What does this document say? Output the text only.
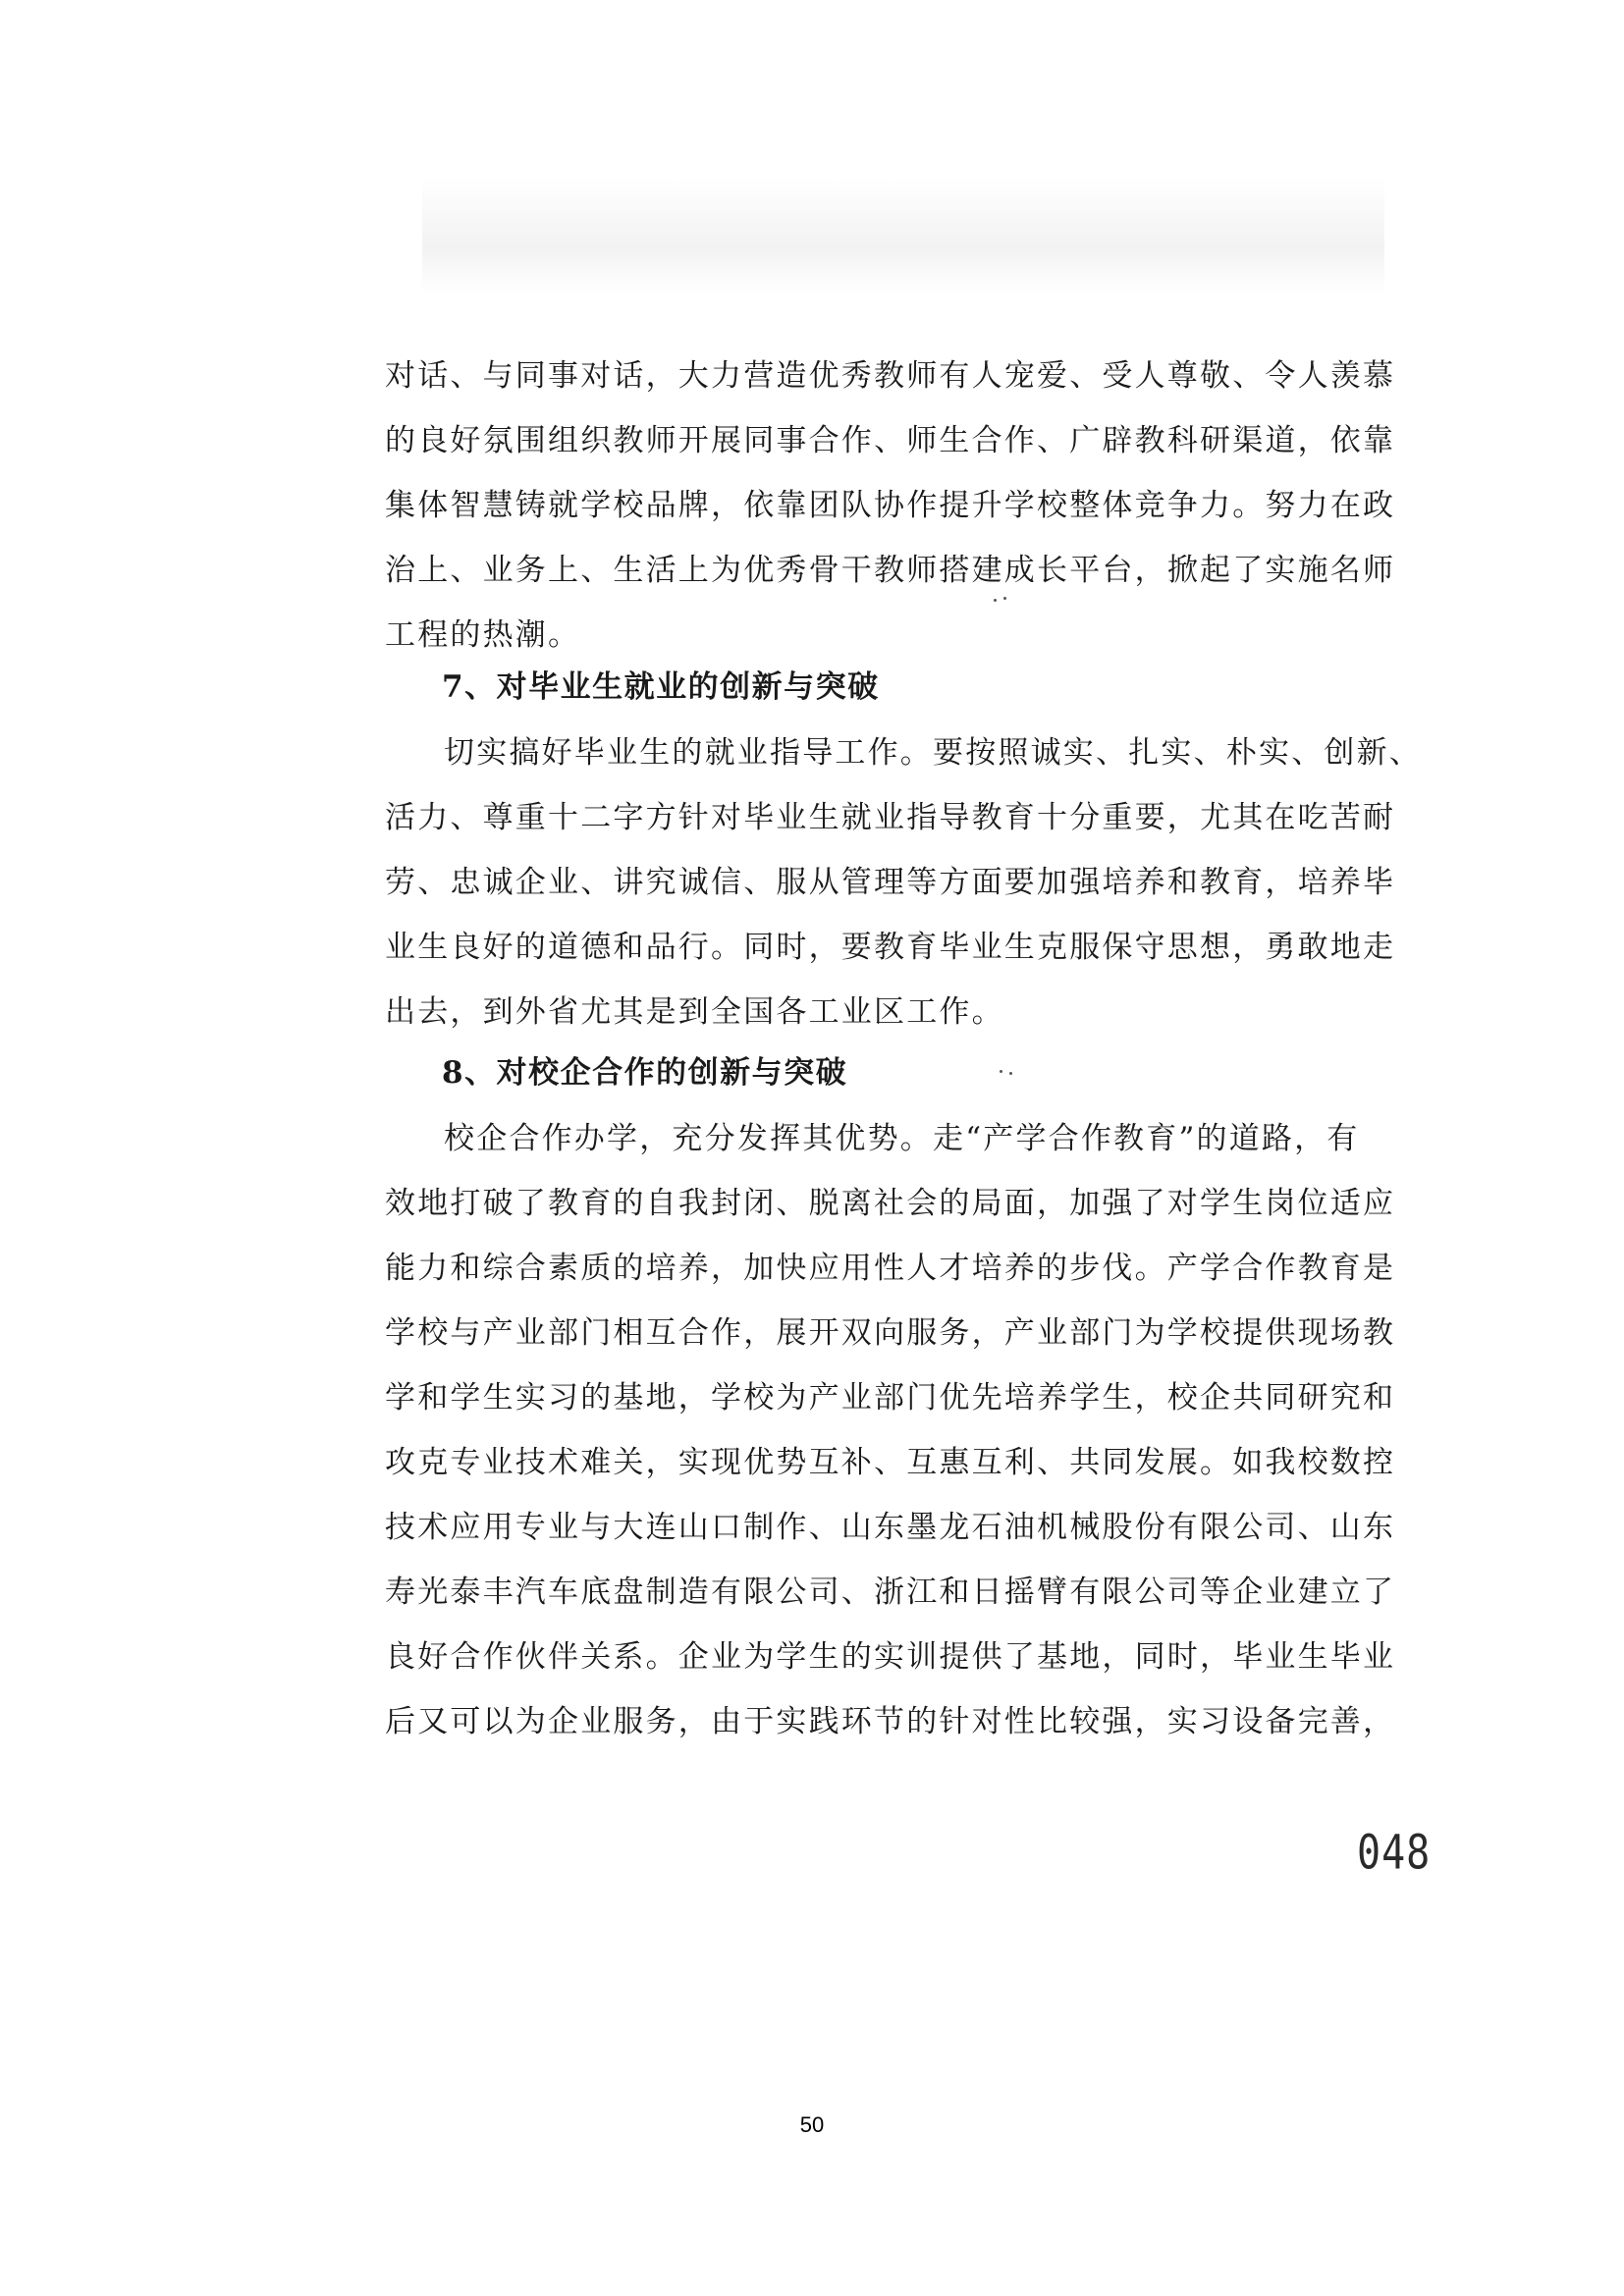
对话、与同事对话，大力营造优秀教师有人宠爱、受人尊敬、令人羡慕
的良好氛围组织教师开展同事合作、师生合作、广辟教科研渠道，依靠
集体智慧铸就学校品牌，依靠团队协作提升学校整体竞争力。努力在政
治上、业务上、生活上为优秀骨干教师搭建成长平台，掀起了实施名师
工程的热潮。
7、对毕业生就业的创新与突破
切实搞好毕业生的就业指导工作。要按照诚实、扎实、朴实、创新、
活力、尊重十二字方针对毕业生就业指导教育十分重要，尤其在吃苦耐
劳、忠诚企业、讲究诚信、服从管理等方面要加强培养和教育，培养毕
业生良好的道德和品行。同时，要教育毕业生克服保守思想，勇敢地走
出去，到外省尤其是到全国各工业区工作。
8、对校企合作的创新与突破
校企合作办学，充分发挥其优势。走“产学合作教育”的道路，有
效地打破了教育的自我封闭、脱离社会的局面，加强了对学生岗位适应
能力和综合素质的培养，加快应用性人才培养的步伐。产学合作教育是
学校与产业部门相互合作，展开双向服务，产业部门为学校提供现场教
学和学生实习的基地，学校为产业部门优先培养学生，校企共同研究和
攻克专业技术难关，实现优势互补、互惠互利、共同发展。如我校数控
技术应用专业与大连山口制作、山东墨龙石油机械股份有限公司、山东
寿光泰丰汽车底盘制造有限公司、浙江和日摇臂有限公司等企业建立了
良好合作伙伴关系。企业为学生的实训提供了基地，同时，毕业生毕业
后又可以为企业服务，由于实践环节的针对性比较强，实习设备完善，
048
50
